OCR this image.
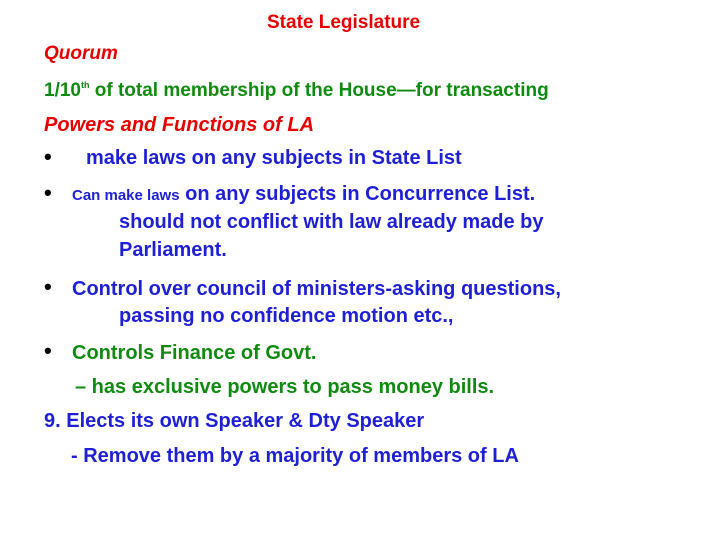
State Legislature
Quorum
1/10th of total membership of the House—for transacting
Powers and Functions of LA
• make laws on any subjects in State List
• Can make laws on any subjects in Concurrence List.
should not conflict with law already made by
Parliament.
• Control over council of ministers-asking questions,
passing no confidence motion etc.,
• Controls Finance of Govt.
– has exclusive powers to pass money bills.
9. Elects its own Speaker & Dty Speaker
- Remove them by a majority of members of LA
